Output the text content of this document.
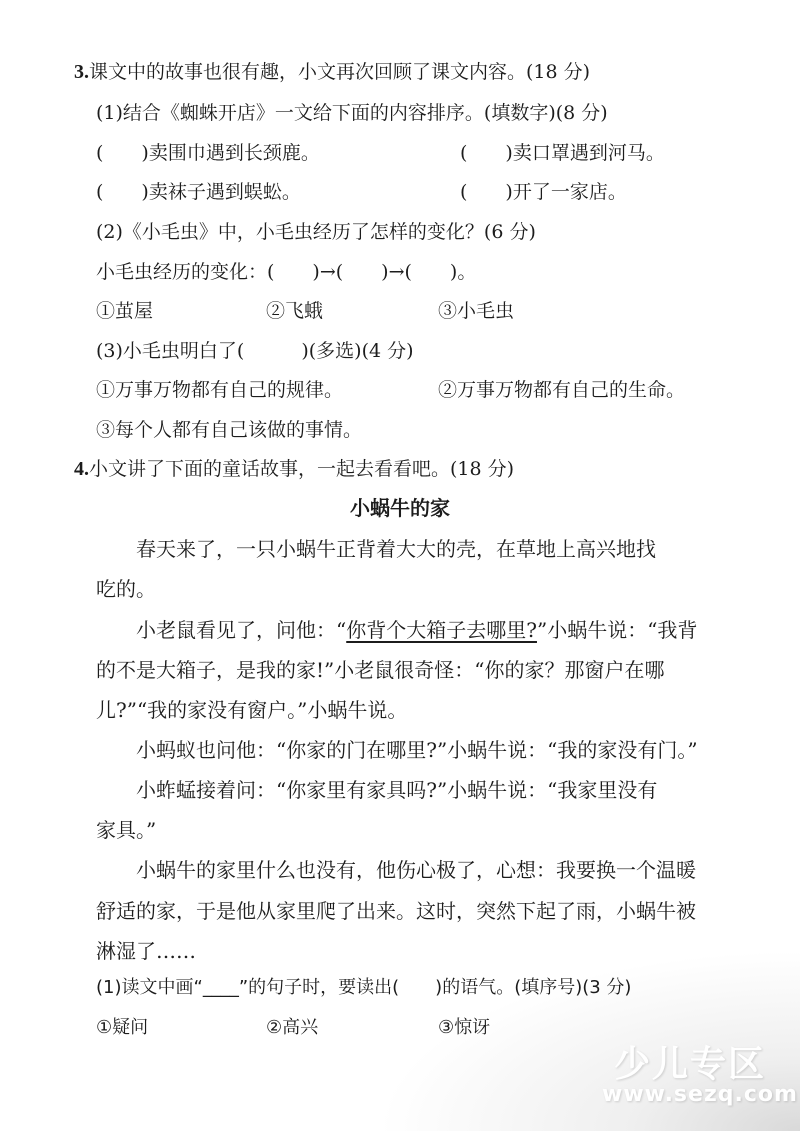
3.课文中的故事也很有趣，小文再次回顾了课文内容。(18 分)
(1)结合《蜘蛛开店》一文给下面的内容排序。(填数字)(8 分)
(　　)卖围巾遇到长颈鹿。	(　　)卖口罩遇到河马。
(　　)卖袜子遇到蜈蚣。	(　　)开了一家店。
(2)《小毛虫》中，小毛虫经历了怎样的变化？(6 分)
小毛虫经历的变化：(　　)→(　　)→(　　)。
①茧屋	②飞蛾	③小毛虫
(3)小毛虫明白了(　　　)(多选)(4 分)
①万事万物都有自己的规律。	②万事万物都有自己的生命。
③每个人都有自己该做的事情。
4.小文讲了下面的童话故事，一起去看看吧。(18 分)
小蜗牛的家
　　春天来了，一只小蜗牛正背着大大的壳，在草地上高兴地找
吃的。
　　小老鼠看见了，问他：“你背个大箱子去哪里?”小蜗牛说：“我背
的不是大箱子，是我的家!”小老鼠很奇怪：“你的家？那窗户在哪
儿?”“我的家没有窗户。”小蜗牛说。
　　小蚂蚁也问他：“你家的门在哪里?”小蜗牛说：“我的家没有门。”
　　小蚱蜢接着问：“你家里有家具吗?”小蜗牛说：“我家里没有
家具。”
　　小蜗牛的家里什么也没有，他伤心极了，心想：我要换一个温暖
舒适的家，于是他从家里爬了出来。这时，突然下起了雨，小蜗牛被
淋湿了……
(1)读文中画“____”的句子时，要读出(　　)的语气。(填序号)(3 分)
①疑问	②高兴	③惊讶
少儿专区
www.sezq.com
